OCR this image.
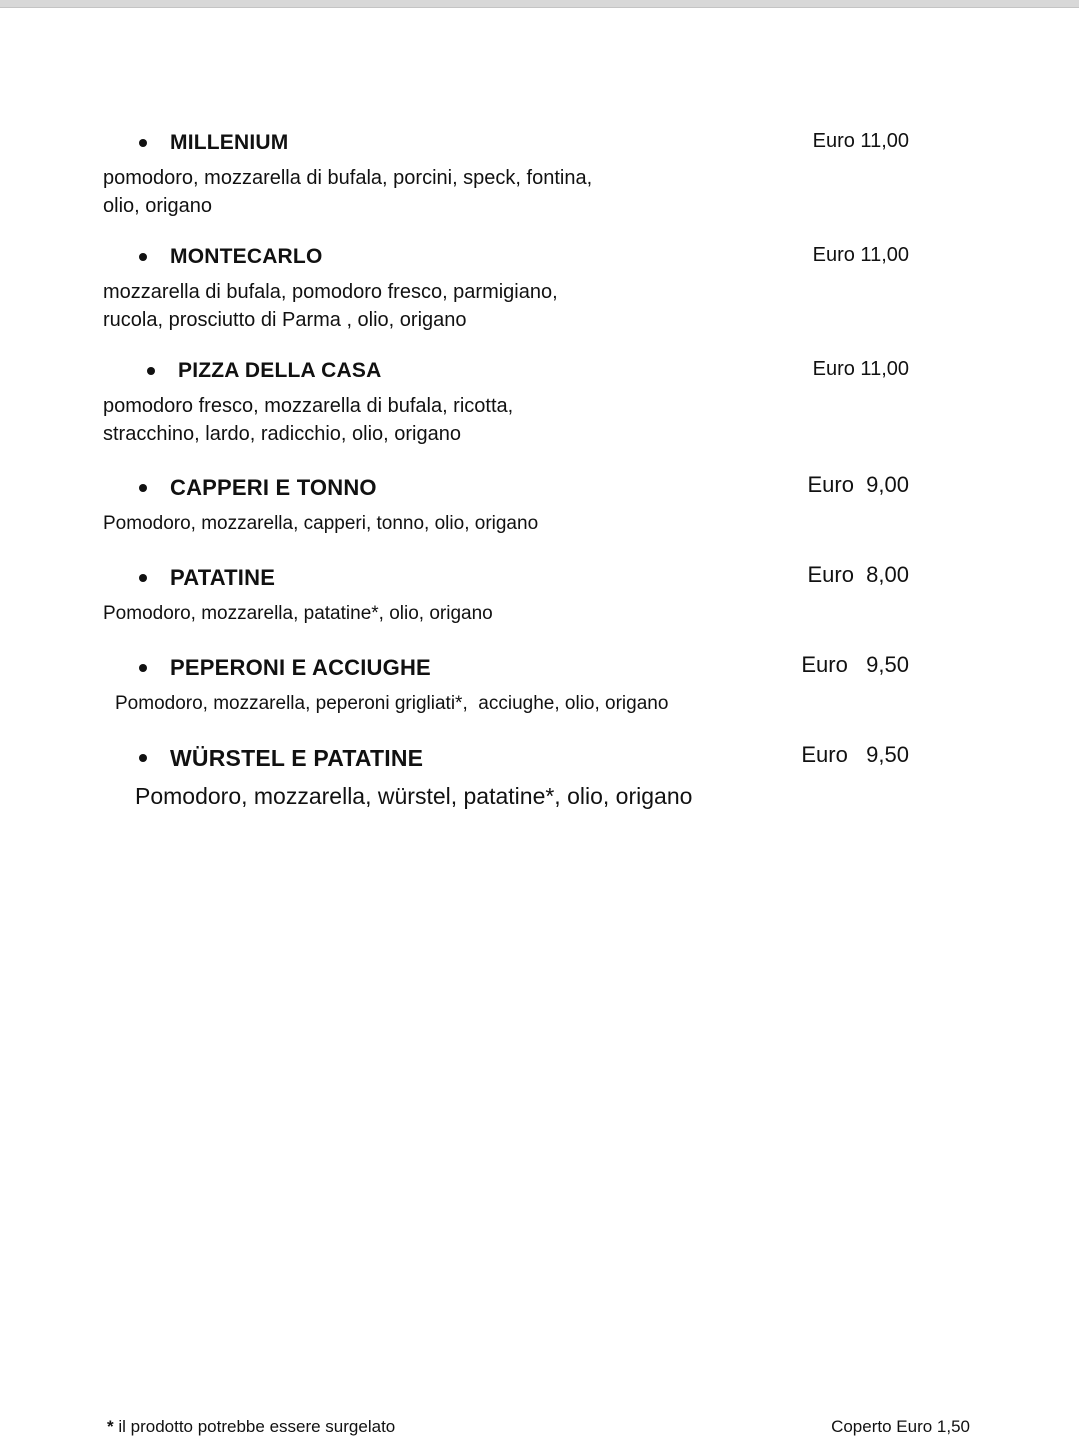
MILLENIUM	Euro 11,00
pomodoro, mozzarella di bufala, porcini, speck, fontina,
olio, origano
MONTECARLO	Euro 11,00
mozzarella di bufala, pomodoro fresco, parmigiano,
rucola, prosciutto di Parma , olio, origano
PIZZA DELLA CASA	Euro 11,00
pomodoro fresco, mozzarella di bufala, ricotta,
stracchino, lardo, radicchio, olio, origano
CAPPERI E TONNO	Euro  9,00
Pomodoro, mozzarella, capperi, tonno, olio, origano
PATATINE	Euro  8,00
Pomodoro, mozzarella, patatine*, olio, origano
PEPERONI E ACCIUGHE	Euro   9,50
Pomodoro, mozzarella, peperoni grigliati*,  acciughe, olio, origano
WÜRSTEL E PATATINE	Euro   9,50
Pomodoro, mozzarella, würstel, patatine*, olio, origano
* il prodotto potrebbe essere surgelato	Coperto Euro 1,50
